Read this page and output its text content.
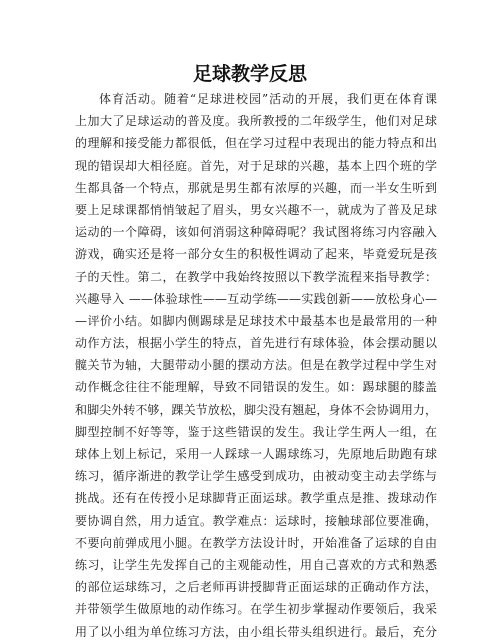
足球教学反思
体育活动。随着“足球进校园”活动的开展，我们更在体育课
上加大了足球运动的普及度。我所教授的二年级学生，他们对足球
的理解和接受能力都很低，但在学习过程中表现出的能力特点和出
现的错误却大相径庭。首先，对于足球的兴趣，基本上四个班的学
生都具备一个特点，那就是男生都有浓厚的兴趣，而一半女生听到
要上足球课都悄悄皱起了眉头，男女兴趣不一，就成为了普及足球
运动的一个障碍，该如何消弱这种障碍呢？我试图将练习内容融入
游戏，确实还是将一部分女生的积极性调动了起来，毕竟爱玩是孩
子的天性。第二，在教学中我始终按照以下教学流程来指导教学：
兴趣导入 ——体验球性——互动学练——实践创新——放松身心—
—评价小结。如脚内侧踢球是足球技术中最基本也是最常用的一种
动作方法，根据小学生的特点，首先进行有球体验，体会摆动腿以
髋关节为轴，大腿带动小腿的摆动方法。但是在教学过程中学生对
动作概念往往不能理解，导致不同错误的发生。如：踢球腿的膝盖
和脚尖外转不够，踝关节放松，脚尖没有翘起，身体不会协调用力，
脚型控制不好等等，鉴于这些错误的发生。我让学生两人一组，在
球体上划上标记，采用一人踩球一人踢球练习，先原地后助跑有球
练习，循序渐进的教学让学生感受到成功，由被动变主动去学练与
挑战。还有在传授小足球脚背正面运球。教学重点是推、拨球动作
要协调自然，用力适宜。教学难点：运球时，接触球部位要准确，
不要向前弹成甩小腿。在教学方法设计时，开始准备了运球的自由
练习，让学生先发挥自己的主观能动性，用自己喜欢的方式和熟悉
的部位运球练习，之后老师再讲授脚背正面运球的正确动作方法，
并带领学生做原地的动作练习。在学生初步掌握动作要领后，我采
用了以小组为单位练习方法，由小组长带头组织进行。最后，充分
